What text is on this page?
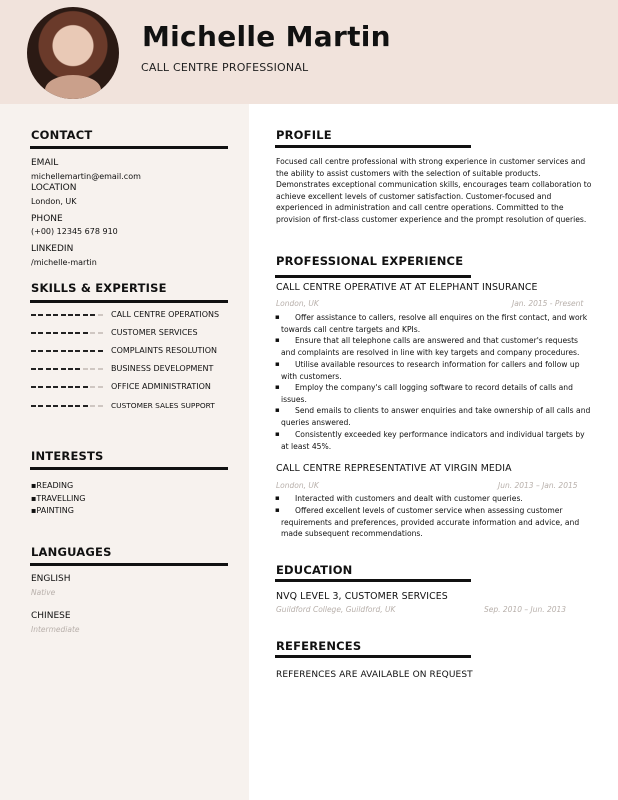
Michelle Martin
CALL CENTRE PROFESSIONAL
CONTACT
EMAIL
michellemartin@email.com
LOCATION
London, UK
PHONE
(+00) 12345 678 910
LINKEDIN
/michelle-martin
SKILLS & EXPERTISE
CALL CENTRE OPERATIONS
CUSTOMER SERVICES
COMPLAINTS RESOLUTION
BUSINESS DEVELOPMENT
OFFICE ADMINISTRATION
CUSTOMER SALES SUPPORT
INTERESTS
▪READING
▪TRAVELLING
▪PAINTING
LANGUAGES
ENGLISH
Native
CHINESE
Intermediate
PROFILE
Focused call centre professional with strong experience in customer services and the ability to assist customers with the selection of suitable products. Demonstrates exceptional communication skills, encourages team collaboration to achieve excellent levels of customer satisfaction. Customer-focused and experienced in administration and call centre operations. Committed to the provision of first-class customer experience and the prompt resolution of queries.
PROFESSIONAL EXPERIENCE
CALL CENTRE OPERATIVE AT AT ELEPHANT INSURANCE
London, UK	Jan. 2015 - Present
▪ Offer assistance to callers, resolve all enquires on the first contact, and work towards call centre targets and KPIs.
▪ Ensure that all telephone calls are answered and that customer's requests and complaints are resolved in line with key targets and company procedures.
▪ Utilise available resources to research information for callers and follow up with customers.
▪ Employ the company's call logging software to record details of calls and issues.
▪ Send emails to clients to answer enquiries and take ownership of all calls and queries answered.
▪ Consistently exceeded key performance indicators and individual targets by at least 45%.
CALL CENTRE REPRESENTATIVE AT VIRGIN MEDIA
London, UK	Jun. 2013 – Jan. 2015
▪ Interacted with customers and dealt with customer queries.
▪ Offered excellent levels of customer service when assessing customer requirements and preferences, provided accurate information and advice, and made subsequent recommendations.
EDUCATION
NVQ LEVEL 3, CUSTOMER SERVICES
Guildford College, Guildford, UK	Sep. 2010 – Jun. 2013
REFERENCES
REFERENCES ARE AVAILABLE ON REQUEST
